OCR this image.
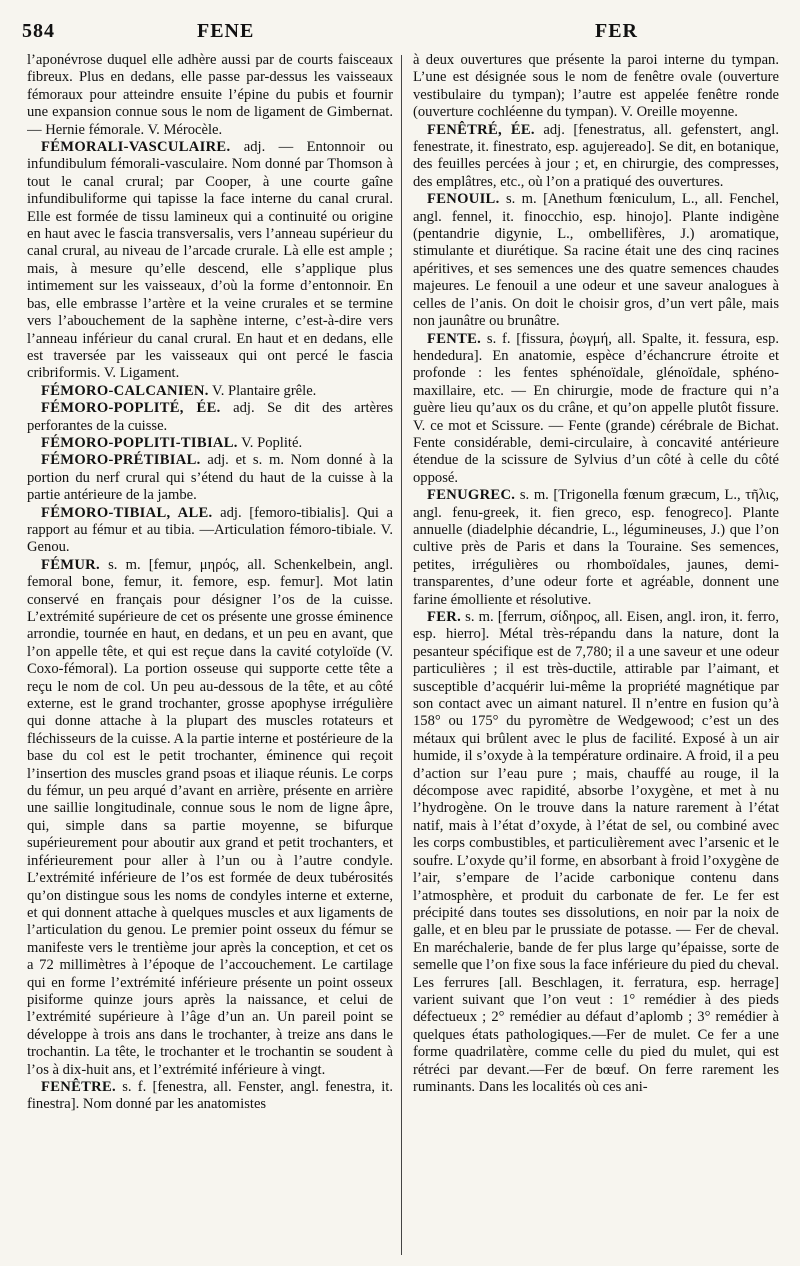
584	FENE	FER

l’aponévrose duquel elle adhère aussi par de courts faisceaux fibreux. Plus en dedans, elle passe par-dessus les vaisseaux fémoraux pour atteindre ensuite l’épine du pubis et fournir une expansion connue sous le nom de ligament de Gimbernat. — Hernie fémorale. V. Mérocèle.

FÉMORALI-VASCULAIRE. adj. — Entonnoir ou infundibulum fémorali-vasculaire. Nom donné par Thomson à tout le canal crural; par Cooper, à une courte gaîne infundibuliforme qui tapisse la face interne du canal crural. Elle est formée de tissu lamineux qui a continuité ou origine en haut avec le fascia transversalis, vers l’anneau supérieur du canal crural, au niveau de l’arcade crurale. Là elle est ample ; mais, à mesure qu’elle descend, elle s’applique plus intimement sur les vaisseaux, d’où la forme d’entonnoir. En bas, elle embrasse l’artère et la veine crurales et se termine vers l’abouchement de la saphène interne, c’est-à-dire vers l’anneau inférieur du canal crural. En haut et en dedans, elle est traversée par les vaisseaux qui ont percé le fascia cribriformis. V. Ligament.

FÉMORO-CALCANIEN. V. Plantaire grêle.

FÉMORO-POPLITÉ, ÉE. adj. Se dit des artères perforantes de la cuisse.

FÉMORO-POPLITI-TIBIAL. V. Poplité.

FÉMORO-PRÉTIBIAL. adj. et s. m. Nom donné à la portion du nerf crural qui s’étend du haut de la cuisse à la partie antérieure de la jambe.

FÉMORO-TIBIAL, ALE. adj. [femoro-tibialis]. Qui a rapport au fémur et au tibia. —Articulation fémoro-tibiale. V. Genou.

FÉMUR. s. m. [femur, μηρός, all. Schenkelbein, angl. femoral bone, femur, it. femore, esp. femur]. Mot latin conservé en français pour désigner l’os de la cuisse. L’extrémité supérieure de cet os présente une grosse éminence arrondie, tournée en haut, en dedans, et un peu en avant, que l’on appelle tête, et qui est reçue dans la cavité cotyloïde (V. Coxo-fémoral). La portion osseuse qui supporte cette tête a reçu le nom de col. Un peu au-dessous de la tête, et au côté externe, est le grand trochanter, grosse apophyse irrégulière qui donne attache à la plupart des muscles rotateurs et fléchisseurs de la cuisse. A la partie interne et postérieure de la base du col est le petit trochanter, éminence qui reçoit l’insertion des muscles grand psoas et iliaque réunis. Le corps du fémur, un peu arqué d’avant en arrière, présente en arrière une saillie longitudinale, connue sous le nom de ligne âpre, qui, simple dans sa partie moyenne, se bifurque supérieurement pour aboutir aux grand et petit trochanters, et inférieurement pour aller à l’un ou à l’autre condyle. L’extrémité inférieure de l’os est formée de deux tubérosités qu’on distingue sous les noms de condyles interne et externe, et qui donnent attache à quelques muscles et aux ligaments de l’articulation du genou. Le premier point osseux du fémur se manifeste vers le trentième jour après la conception, et cet os a 72 millimètres à l’époque de l’accouchement. Le cartilage qui en forme l’extrémité inférieure présente un point osseux pisiforme quinze jours après la naissance, et celui de l’extrémité supérieure à l’âge d’un an. Un pareil point se développe à trois ans dans le trochanter, à treize ans dans le trochantin. La tête, le trochanter et le trochantin se soudent à l’os à dix-huit ans, et l’extrémité inférieure à vingt.

FENÊTRE. s. f. [fenestra, all. Fenster, angl. fenestra, it. finestra]. Nom donné par les anatomistes

à deux ouvertures que présente la paroi interne du tympan. L’une est désignée sous le nom de fenêtre ovale (ouverture vestibulaire du tympan); l’autre est appelée fenêtre ronde (ouverture cochléenne du tympan). V. Oreille moyenne.

FENÊTRÉ, ÉE. adj. [fenestratus, all. gefenstert, angl. fenestrate, it. finestrato, esp. agujereado]. Se dit, en botanique, des feuilles percées à jour ; et, en chirurgie, des compresses, des emplâtres, etc., où l’on a pratiqué des ouvertures.

FENOUIL. s. m. [Anethum fœniculum, L., all. Fenchel, angl. fennel, it. finocchio, esp. hinojo]. Plante indigène (pentandrie digynie, L., ombellifères, J.) aromatique, stimulante et diurétique. Sa racine était une des cinq racines apéritives, et ses semences une des quatre semences chaudes majeures. Le fenouil a une odeur et une saveur analogues à celles de l’anis. On doit le choisir gros, d’un vert pâle, mais non jaunâtre ou brunâtre.

FENTE. s. f. [fissura, ῥωγμή, all. Spalte, it. fessura, esp. hendedura]. En anatomie, espèce d’échancrure étroite et profonde : les fentes sphénoïdale, glénoïdale, sphéno-maxillaire, etc. — En chirurgie, mode de fracture qui n’a guère lieu qu’aux os du crâne, et qu’on appelle plutôt fissure. V. ce mot et Scissure. — Fente (grande) cérébrale de Bichat. Fente considérable, demi-circulaire, à concavité antérieure étendue de la scissure de Sylvius d’un côté à celle du côté opposé.

FENUGREC. s. m. [Trigonella fœnum græcum, L., τῆλις, angl. fenu-greek, it. fien greco, esp. fenogreco]. Plante annuelle (diadelphie décandrie, L., légumineuses, J.) que l’on cultive près de Paris et dans la Touraine. Ses semences, petites, irrégulières ou rhomboïdales, jaunes, demi-transparentes, d’une odeur forte et agréable, donnent une farine émolliente et résolutive.

FER. s. m. [ferrum, σίδηρος, all. Eisen, angl. iron, it. ferro, esp. hierro]. Métal très-répandu dans la nature, dont la pesanteur spécifique est de 7,780; il a une saveur et une odeur particulières ; il est très-ductile, attirable par l’aimant, et susceptible d’acquérir lui-même la propriété magnétique par son contact avec un aimant naturel. Il n’entre en fusion qu’à 158° ou 175° du pyromètre de Wedgewood; c’est un des métaux qui brûlent avec le plus de facilité. Exposé à un air humide, il s’oxyde à la température ordinaire. A froid, il a peu d’action sur l’eau pure ; mais, chauffé au rouge, il la décompose avec rapidité, absorbe l’oxygène, et met à nu l’hydrogène. On le trouve dans la nature rarement à l’état natif, mais à l’état d’oxyde, à l’état de sel, ou combiné avec les corps combustibles, et particulièrement avec l’arsenic et le soufre. L’oxyde qu’il forme, en absorbant à froid l’oxygène de l’air, s’empare de l’acide carbonique contenu dans l’atmosphère, et produit du carbonate de fer. Le fer est précipité dans toutes ses dissolutions, en noir par la noix de galle, et en bleu par le prussiate de potasse. — Fer de cheval. En maréchalerie, bande de fer plus large qu’épaisse, sorte de semelle que l’on fixe sous la face inférieure du pied du cheval. Les ferrures [all. Beschlagen, it. ferratura, esp. herrage] varient suivant que l’on veut : 1° remédier à des pieds défectueux ; 2° remédier au défaut d’aplomb ; 3° remédier à quelques états pathologiques.—Fer de mulet. Ce fer a une forme quadrilatère, comme celle du pied du mulet, qui est rétréci par devant.—Fer de bœuf. On ferre rarement les ruminants. Dans les localités où ces ani-
